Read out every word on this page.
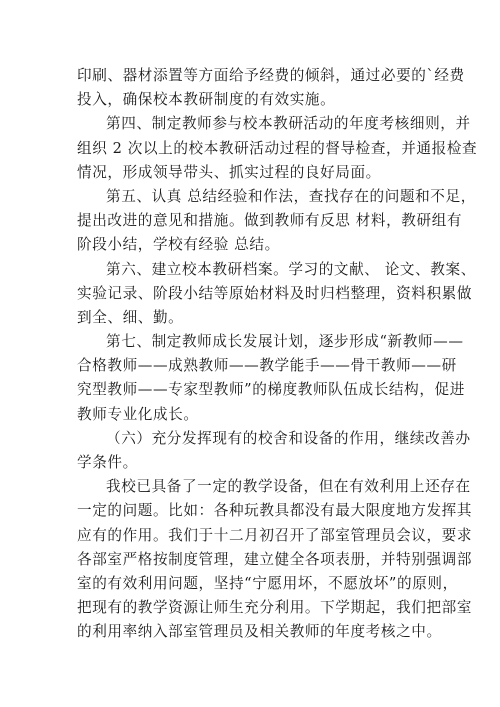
印刷、器材添置等方面给予经费的倾斜，通过必要的`经费
投入，确保校本教研制度的有效实施。
第四、制定教师参与校本教研活动的年度考核细则，并
组织 2 次以上的校本教研活动过程的督导检查，并通报检查
情况，形成领导带头、抓实过程的良好局面。
第五、认真 总结经验和作法，查找存在的问题和不足，
提出改进的意见和措施。做到教师有反思 材料，教研组有
阶段小结，学校有经验 总结。
第六、建立校本教研档案。学习的文献、 论文、教案、
实验记录、阶段小结等原始材料及时归档整理，资料积累做
到全、细、勤。
第七、制定教师成长发展计划，逐步形成“新教师——
合格教师——成熟教师——教学能手——骨干教师——研
究型教师——专家型教师”的梯度教师队伍成长结构，促进
教师专业化成长。
（六）充分发挥现有的校舍和设备的作用，继续改善办
学条件。
我校已具备了一定的教学设备，但在有效利用上还存在
一定的问题。比如：各种玩教具都没有最大限度地方发挥其
应有的作用。我们于十二月初召开了部室管理员会议，要求
各部室严格按制度管理，建立健全各项表册，并特别强调部
室的有效利用问题，坚持“宁愿用坏，不愿放坏”的原则，
把现有的教学资源让师生充分利用。下学期起，我们把部室
的利用率纳入部室管理员及相关教师的年度考核之中。
